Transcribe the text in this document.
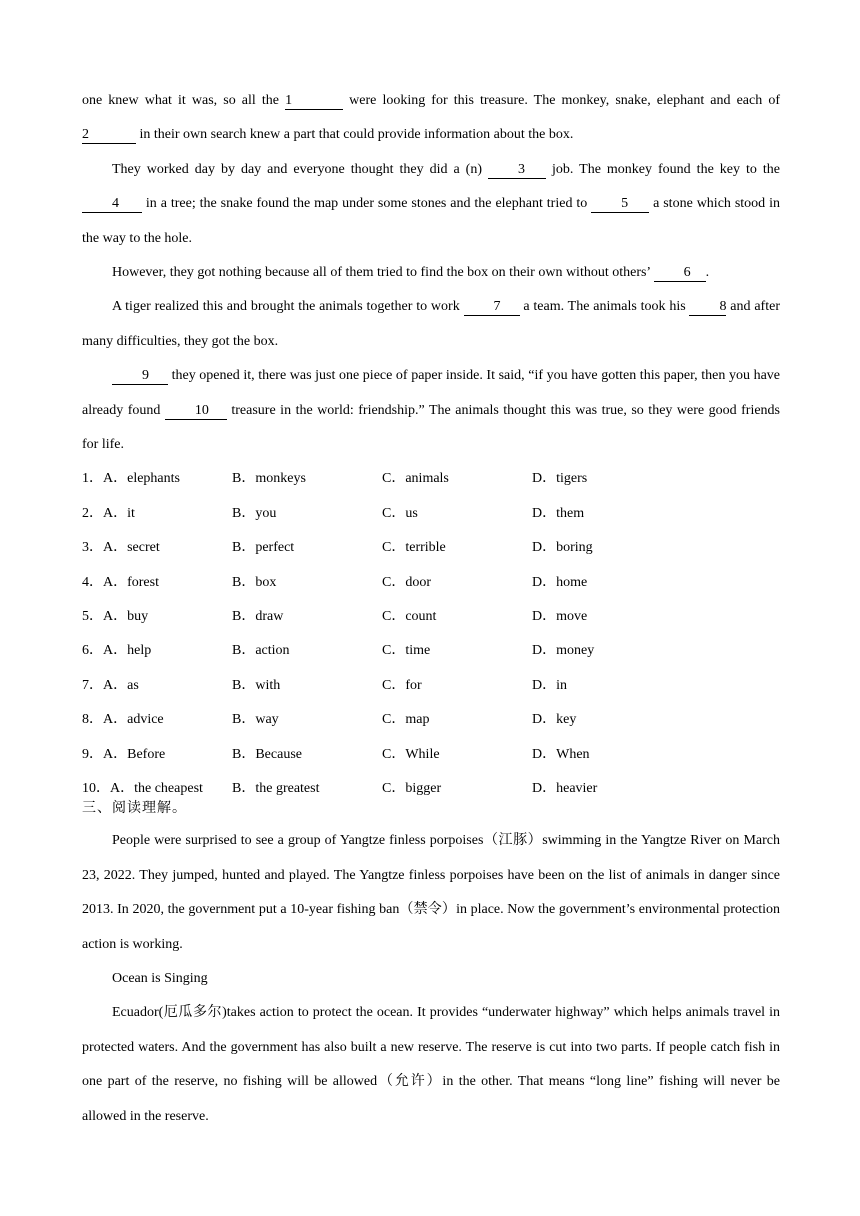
one knew what it was, so all the 1	were looking for this treasure. The monkey, snake, elephant and each of 2	in their own search knew a part that could provide information about the box.

They worked day by day and everyone thought they did a (n) 3 job. The monkey found the key to the 4 in a tree; the snake found the map under some stones and the elephant tried to 5 a stone which stood in the way to the hole.

However, they got nothing because all of them tried to find the box on their own without others’ 6 .

A tiger realized this and brought the animals together to work 7 a team. The animals took his 8 and after many difficulties, they got the box.

9 they opened it, there was just one piece of paper inside. It said, “if you have gotten this paper, then you have already found 10 treasure in the world: friendship.” The animals thought this was true, so they were good friends for life.

1．A．elephants	B．monkeys	C．animals	D．tigers
2．A．it	B．you	C．us	D．them
3．A．secret	B．perfect	C．terrible	D．boring
4．A．forest	B．box	C．door	D．home
5．A．buy	B．draw	C．count	D．move
6．A．help	B．action	C．time	D．money
7．A．as	B．with	C．for	D．in
8．A．advice	B．way	C．map	D．key
9．A．Before	B．Because	C．While	D．When
10．A．the cheapest	B．the greatest	C．bigger	D．heavier

三、阅读理解。

People were surprised to see a group of Yangtze finless porpoises（江豚）swimming in the Yangtze River on March 23, 2022. They jumped, hunted and played. The Yangtze finless porpoises have been on the list of animals in danger since 2013. In 2020, the government put a 10-year fishing ban（禁令）in place. Now the government’s environmental protection action is working.

Ocean is Singing

Ecuador(厄瓜多尔)takes action to protect the ocean. It provides “underwater highway” which helps animals travel in protected waters. And the government has also built a new reserve. The reserve is cut into two parts. If people catch fish in one part of the reserve, no fishing will be allowed（允许）in the other. That means “long line” fishing will never be allowed in the reserve.
